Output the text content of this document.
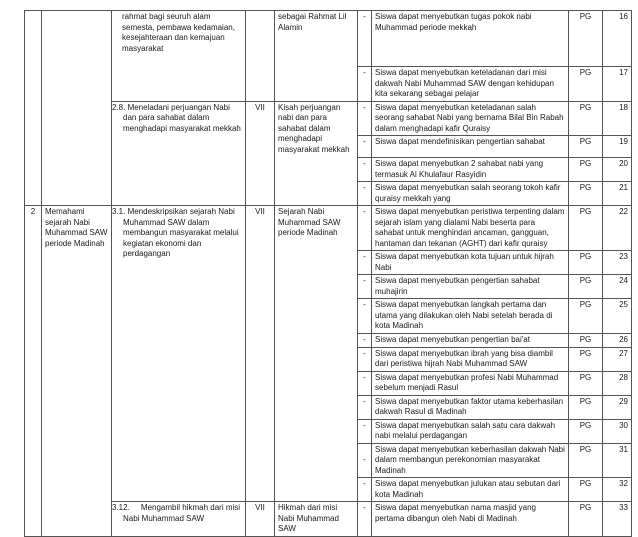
		rahmat bagi seuruh alam semesta, pembawa kedamaian, kesejahteraan dan kemajuan masyarakat		sebagai Rahmat Lil Alamin	-	Siswa dapat menyebutkan tugas pokok nabi Muhammad periode mekkah	PG	16
					-	Siswa dapat menyebutkan keteladanan dari misi dakwah Nabi Muhammad SAW dengan kehidupan kita sekarang sebagai pelajar	PG	17
		2.8. Meneladani perjuangan Nabi dan para sahabat dalam menghadapi masyarakat mekkah	VII	Kisah perjuangan nabi dan para sahabat dalam menghadapi masyarakat mekkah	-	Siswa dapat menyebutkan keteladanan salah seorang sahabat Nabi yang bernama Bilal Bin Rabah dalam menghadapi kafir Quraisy	PG	18
					-	Siswa dapat mendefinisikan pengertian sahabat	PG	19
					-	Siswa dapat menyebutkan 2 sahabat nabi yang termasuk Al Khulafaur Rasyidin	PG	20
					-	Siswa dapat menyebutkan salah seorang tokoh kafir quraisy mekkah yang	PG	21
2	Memahami sejarah Nabi Muhammad SAW periode Madinah	3.1. Mendeskripsikan sejarah Nabi Muhammad SAW dalam membangun masyarakat melalui kegiatan ekonomi dan perdagangan	VII	Sejarah Nabi Muhammad SAW periode Madinah	-	Siswa dapat menyebutkan peristiwa terpenting dalam sejarah islam yang dialami Nabi beserta para sahabat untuk menghindari ancaman, gangguan, hantaman dan tekanan (AGHT) dari kafir quraisy	PG	22
					-	Siswa dapat menyebutkan kota tujuan untuk hijrah Nabi	PG	23
					-	Siswa dapat menyebutkan pengertian sahabat muhajirin	PG	24
					-	Siswa dapat menyebutkan langkah pertama dan utama yang dilakukan oleh Nabi setelah berada di kota Madinah	PG	25
					-	Siswa dapat menyebutkan pengertian bai'at	PG	26
					-	Siswa dapat menyebutkan ibrah yang bisa diambil dari peristiwa hijrah Nabi Muhammad SAW	PG	27
					-	Siswa dapat menyebutkan profesi Nabi Muhammad sebelum menjadi Rasul	PG	28
					-	Siswa dapat menyebutkan faktor utama keberhasilan dakwah Rasul di Madinah	PG	29
					-	Siswa dapat menyebutkan salah satu cara dakwah nabi melalui perdagangan	PG	30
					-	Siswa dapat menyebutkan keberhasilan dakwah Nabi dalam membangun perekonomian masyarakat Madinah	PG	31
					-	Siswa dapat menyebutkan julukan atau sebutan dari kota Madinah	PG	32
		3.12.     Mengambil hikmah dari misi Nabi Muhammad SAW	VII	Hikmah dari misi Nabi Muhammad SAW	-	Siswa dapat menyebutkan nama masjid yang pertama dibangun oleh Nabi di Madinah	PG	33
